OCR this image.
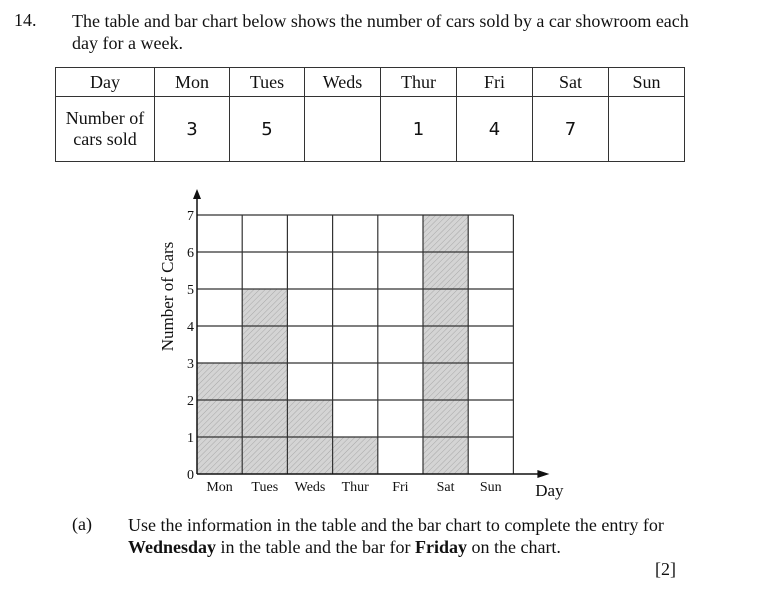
14. The table and bar chart below shows the number of cars sold by a car showroom each day for a week.
Day	Mon	Tues	Weds	Thur	Fri	Sat	Sun
Number of cars sold	3	5		1	4	7	
0
1
2
3
4
5
6
7
Mon Tues Weds Thur Fri Sat Sun Day
Number of Cars
(a) Use the information in the table and the bar chart to complete the entry for Wednesday in the table and the bar for Friday on the chart.
[2]
